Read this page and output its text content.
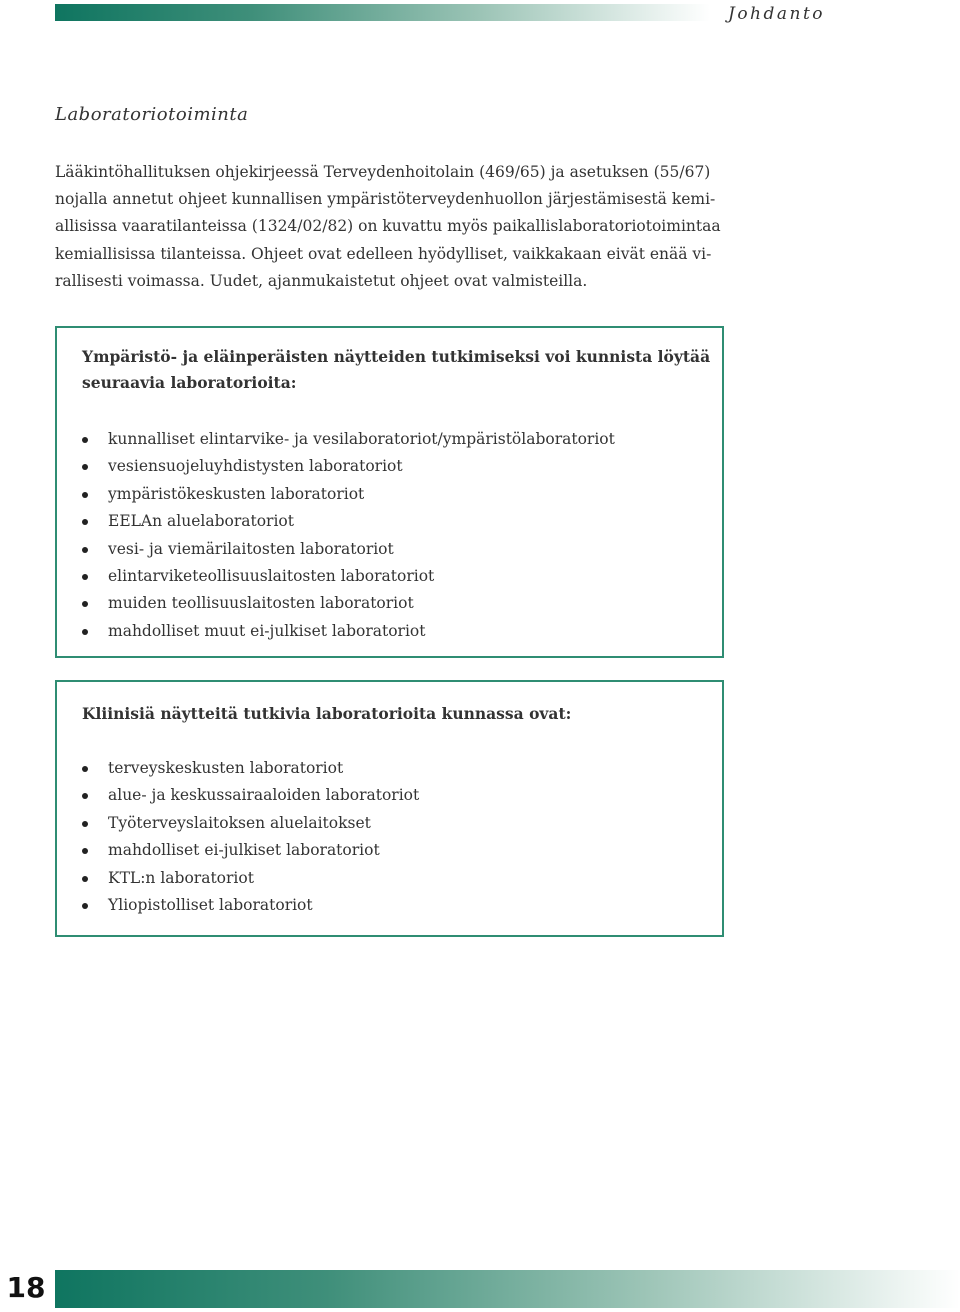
Johdanto
Laboratoriotoiminta
Lääkintöhallituksen ohjekirjeessä Terveydenhoitolain (469/65) ja asetuksen (55/67)
nojalla annetut ohjeet kunnallisen ympäristöterveydenhuollon järjestämisestä kemi-
allisissa vaaratilanteissa (1324/02/82) on kuvattu myös paikallislaboratoriotoimintaa
kemiallisissa tilanteissa. Ohjeet ovat edelleen hyödylliset, vaikkakaan eivät enää vi-
rallisesti voimassa. Uudet, ajanmukaistetut ohjeet ovat valmisteilla.
Ympäristö- ja eläinperäisten näytteiden tutkimiseksi voi kunnista löytää
seuraavia laboratorioita:
kunnalliset elintarvike- ja vesilaboratoriot/ympäristölaboratoriot
vesiensuojeluyhdistysten laboratoriot
ympäristökeskusten laboratoriot
EELAn aluelaboratoriot
vesi- ja viemärilaitosten laboratoriot
elintarviketeollisuuslaitosten laboratoriot
muiden teollisuuslaitosten laboratoriot
mahdolliset muut ei-julkiset laboratoriot
Kliinisiä näytteitä tutkivia laboratorioita kunnassa ovat:
terveyskeskusten laboratoriot
alue- ja keskussairaaloiden laboratoriot
Työterveyslaitoksen aluelaitokset
mahdolliset ei-julkiset laboratoriot
KTL:n laboratoriot
Yliopistolliset laboratoriot
18
